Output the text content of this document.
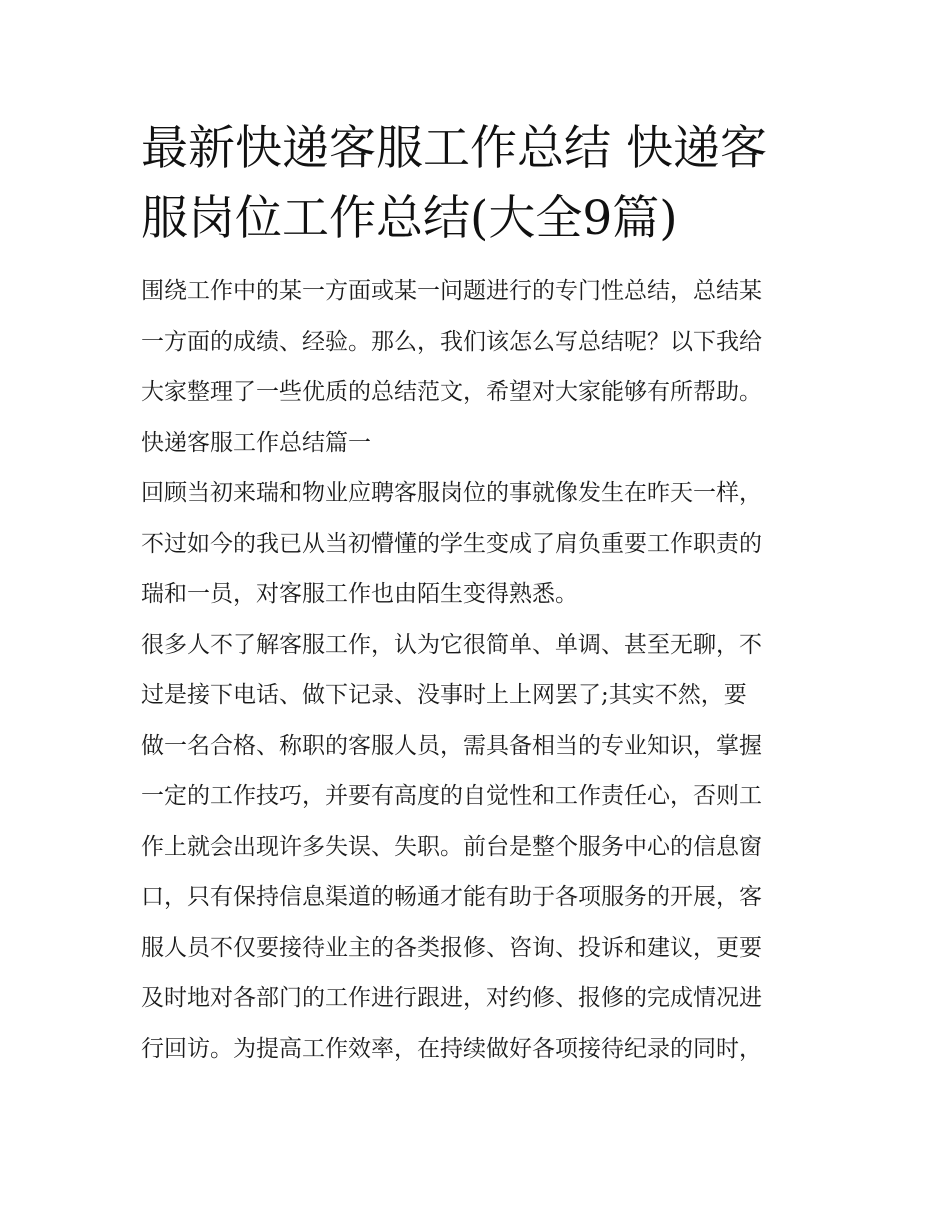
最新快递客服工作总结 快递客
服岗位工作总结(大全9篇)
围绕工作中的某一方面或某一问题进行的专门性总结，总结某
一方面的成绩、经验。那么，我们该怎么写总结呢？以下我给
大家整理了一些优质的总结范文，希望对大家能够有所帮助。
快递客服工作总结篇一
回顾当初来瑞和物业应聘客服岗位的事就像发生在昨天一样，
不过如今的我已从当初懵懂的学生变成了肩负重要工作职责的
瑞和一员，对客服工作也由陌生变得熟悉。
很多人不了解客服工作，认为它很简单、单调、甚至无聊，不
过是接下电话、做下记录、没事时上上网罢了;其实不然，要
做一名合格、称职的客服人员，需具备相当的专业知识，掌握
一定的工作技巧，并要有高度的自觉性和工作责任心，否则工
作上就会出现许多失误、失职。前台是整个服务中心的信息窗
口，只有保持信息渠道的畅通才能有助于各项服务的开展，客
服人员不仅要接待业主的各类报修、咨询、投诉和建议，更要
及时地对各部门的工作进行跟进，对约修、报修的完成情况进
行回访。为提高工作效率，在持续做好各项接待纪录的同时，
